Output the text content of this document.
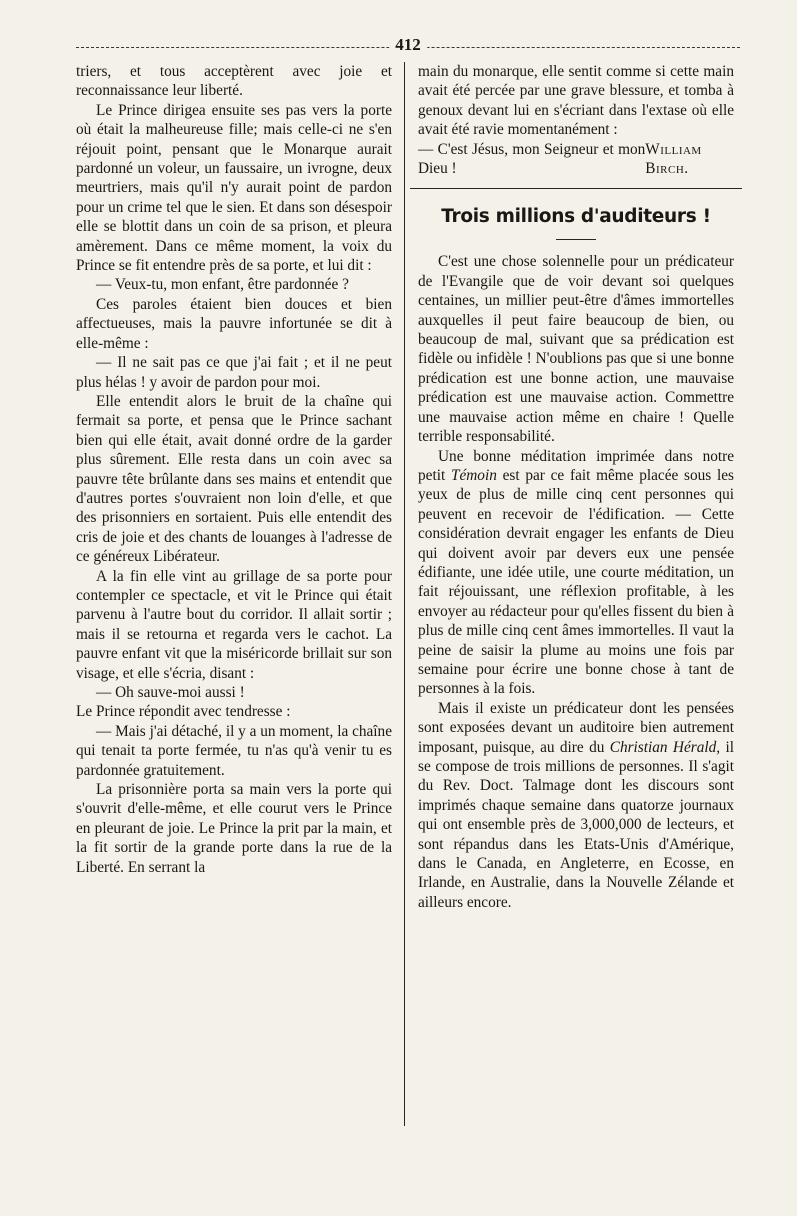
412

triers, et tous acceptèrent avec joie et reconnaissance leur liberté.

Le Prince dirigea ensuite ses pas vers la porte où était la malheureuse fille; mais celle-ci ne s'en réjouit point, pensant que le Monarque aurait pardonné un voleur, un faussaire, un ivrogne, deux meurtriers, mais qu'il n'y aurait point de pardon pour un crime tel que le sien. Et dans son désespoir elle se blottit dans un coin de sa prison, et pleura amèrement. Dans ce même moment, la voix du Prince se fit entendre près de sa porte, et lui dit :

— Veux-tu, mon enfant, être pardonnée ?

Ces paroles étaient bien douces et bien affectueuses, mais la pauvre infortunée se dit à elle-même :

— Il ne sait pas ce que j'ai fait ; et il ne peut plus hélas ! y avoir de pardon pour moi.

Elle entendit alors le bruit de la chaîne qui fermait sa porte, et pensa que le Prince sachant bien qui elle était, avait donné ordre de la garder plus sûrement. Elle resta dans un coin avec sa pauvre tête brûlante dans ses mains et entendit que d'autres portes s'ouvraient non loin d'elle, et que des prisonniers en sortaient. Puis elle entendit des cris de joie et des chants de louanges à l'adresse de ce généreux Libérateur.

A la fin elle vint au grillage de sa porte pour contempler ce spectacle, et vit le Prince qui était parvenu à l'autre bout du corridor. Il allait sortir ; mais il se retourna et regarda vers le cachot. La pauvre enfant vit que la miséricorde brillait sur son visage, et elle s'écria, disant :

— Oh sauve-moi aussi !

Le Prince répondit avec tendresse :

— Mais j'ai détaché, il y a un moment, la chaîne qui tenait ta porte fermée, tu n'as qu'à venir tu es pardonnée gratuitement.

La prisonnière porta sa main vers la porte qui s'ouvrit d'elle-même, et elle courut vers le Prince en pleurant de joie. Le Prince la prit par la main, et la fit sortir de la grande porte dans la rue de la Liberté. En serrant la

main du monarque, elle sentit comme si cette main avait été percée par une grave blessure, et tomba à genoux devant lui en s'écriant dans l'extase où elle avait été ravie momentanément :

— C'est Jésus, mon Seigneur et mon Dieu !
William Birch.

Trois millions d'auditeurs !

C'est une chose solennelle pour un prédicateur de l'Evangile que de voir devant soi quelques centaines, un millier peut-être d'âmes immortelles auxquelles il peut faire beaucoup de bien, ou beaucoup de mal, suivant que sa prédication est fidèle ou infidèle ! N'oublions pas que si une bonne prédication est une bonne action, une mauvaise prédication est une mauvaise action. Commettre une mauvaise action même en chaire ! Quelle terrible responsabilité.

Une bonne méditation imprimée dans notre petit Témoin est par ce fait même placée sous les yeux de plus de mille cinq cent personnes qui peuvent en recevoir de l'édification. — Cette considération devrait engager les enfants de Dieu qui doivent avoir par devers eux une pensée édifiante, une idée utile, une courte méditation, un fait réjouissant, une réflexion profitable, à les envoyer au rédacteur pour qu'elles fissent du bien à plus de mille cinq cent âmes immortelles. Il vaut la peine de saisir la plume au moins une fois par semaine pour écrire une bonne chose à tant de personnes à la fois.

Mais il existe un prédicateur dont les pensées sont exposées devant un auditoire bien autrement imposant, puisque, au dire du Christian Hérald, il se compose de trois millions de personnes. Il s'agit du Rev. Doct. Talmage dont les discours sont imprimés chaque semaine dans quatorze journaux qui ont ensemble près de 3,000,000 de lecteurs, et sont répandus dans les Etats-Unis d'Amérique, dans le Canada, en Angleterre, en Ecosse, en Irlande, en Australie, dans la Nouvelle Zélande et ailleurs encore.
